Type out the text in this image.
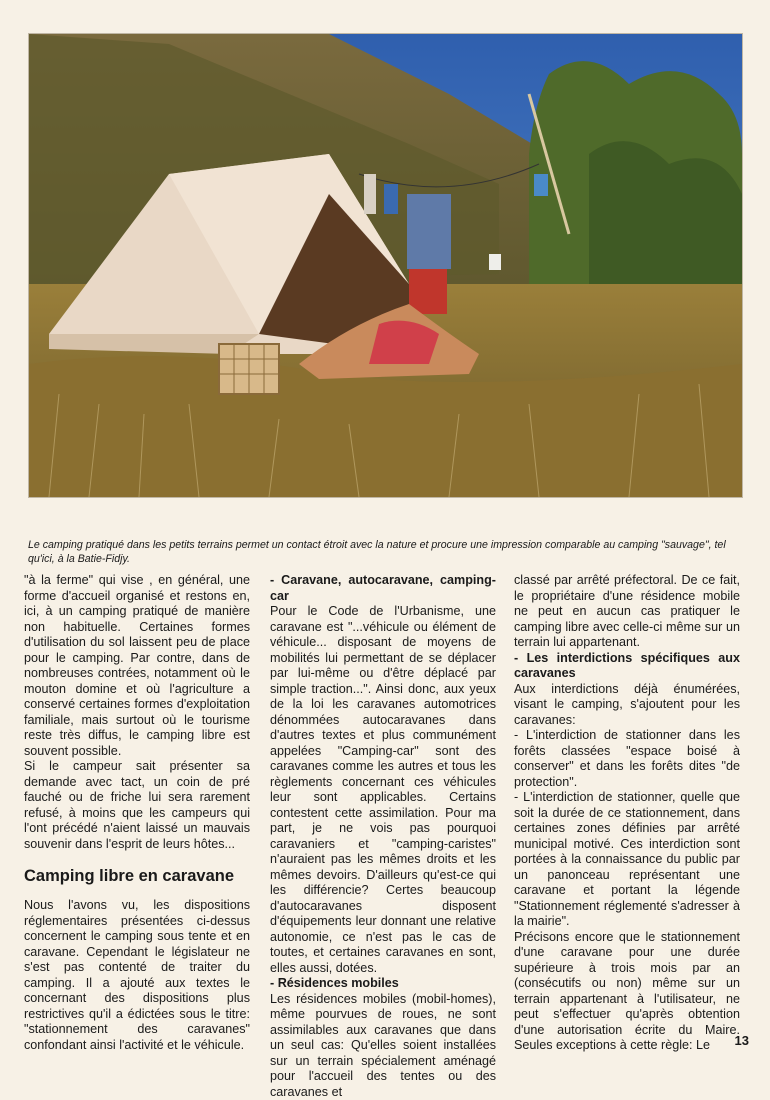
Le camping pratiqué dans les petits terrains permet un contact étroit avec la nature et procure une impression comparable au camping "sauvage", tel qu'ici, à la Batie-Fidjy.

"à la ferme" qui vise , en général, une forme d'accueil organisé et restons en, ici, à un camping pratiqué de manière non habituelle. Certaines formes d'utilisation du sol laissent peu de place pour le camping. Par contre, dans de nombreuses contrées, notamment où le mouton domine et où l'agriculture a conservé certaines formes d'exploitation familiale, mais surtout où le tourisme reste très diffus, le camping libre est souvent possible.

Si le campeur sait présenter sa demande avec tact, un coin de pré fauché ou de friche lui sera rarement refusé, à moins que les campeurs qui l'ont précédé n'aient laissé un mauvais souvenir dans l'esprit de leurs hôtes...

Camping libre en caravane

Nous l'avons vu, les dispositions réglementaires présentées ci-dessus concernent le camping sous tente et en caravane. Cependant le législateur ne s'est pas contenté de traiter du camping. Il a ajouté aux textes le concernant des dispositions plus restrictives qu'il a édictées sous le titre: "stationnement des caravanes" confondant ainsi l'activité et le véhicule.

- Caravane, autocaravane, camping-car

Pour le Code de l'Urbanisme, une caravane est "...véhicule ou élément de véhicule... disposant de moyens de mobilités lui permettant de se déplacer par lui-même ou d'être déplacé par simple traction...". Ainsi donc, aux yeux de la loi les caravanes automotrices dénommées autocaravanes dans d'autres textes et plus communément appelées "Camping-car" sont des caravanes comme les autres et tous les règlements concernant ces véhicules leur sont applicables. Certains contestent cette assimilation. Pour ma part, je ne vois pas pourquoi caravaniers et "camping-caristes" n'auraient pas les mêmes droits et les mêmes devoirs. D'ailleurs qu'est-ce qui les différencie? Certes beaucoup d'autocaravanes disposent d'équipements leur donnant une relative autonomie, ce n'est pas le cas de toutes, et certaines caravanes en sont, elles aussi, dotées.

- Résidences mobiles

Les résidences mobiles (mobil-homes), même pourvues de roues, ne sont assimilables aux caravanes que dans un seul cas: Qu'elles soient installées sur un terrain spécialement aménagé pour l'accueil des tentes ou des caravanes et

classé par arrêté préfectoral. De ce fait, le propriétaire d'une résidence mobile ne peut en aucun cas pratiquer le camping libre avec celle-ci même sur un terrain lui appartenant.

- Les interdictions spécifiques aux caravanes

Aux interdictions déjà énumérées, visant le camping, s'ajoutent pour les caravanes:

- L'interdiction de stationner dans les forêts classées "espace boisé à conserver" et dans les forêts dites "de protection".

- L'interdiction de stationner, quelle que soit la durée de ce stationnement, dans certaines zones définies par arrêté municipal motivé. Ces interdiction sont portées à la connaissance du public par un panonceau représentant une caravane et portant la légende "Stationnement réglementé s'adresser à la mairie".

Précisons encore que le stationnement d'une caravane pour une durée supérieure à trois mois par an (consécutifs ou non) même sur un terrain appartenant à l'utilisateur, ne peut s'effectuer qu'après obtention d'une autorisation écrite du Maire. Seules exceptions à cette règle: Le	13
